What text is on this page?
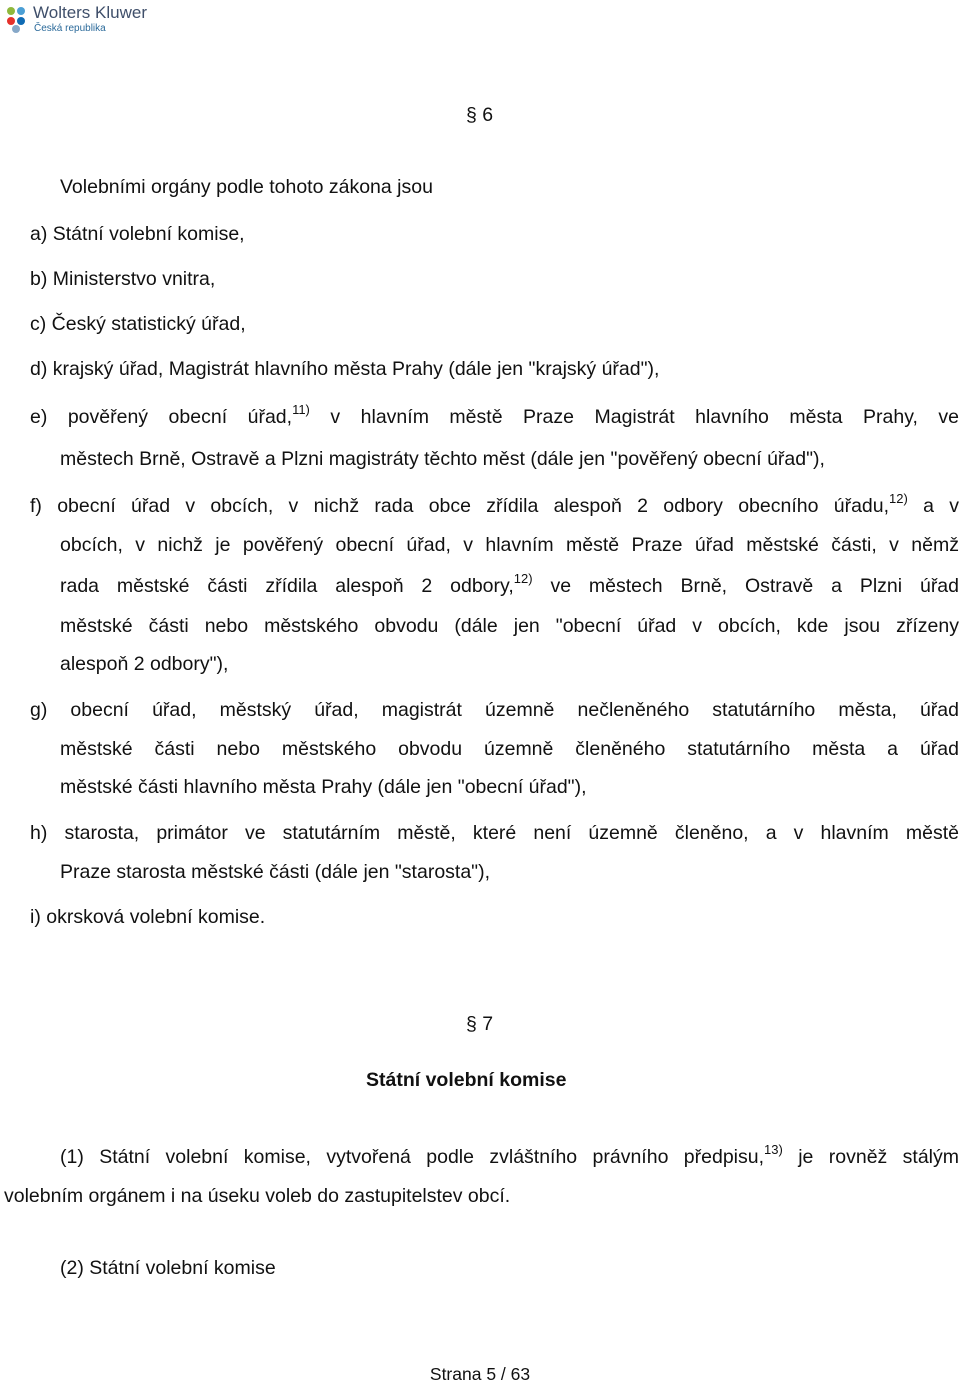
Wolters Kluwer
Česká republika
§ 6
Volebními orgány podle tohoto zákona jsou
a) Státní volební komise,
b) Ministerstvo vnitra,
c) Český statistický úřad,
d) krajský úřad, Magistrát hlavního města Prahy (dále jen "krajský úřad"),
e) pověřený obecní úřad,$^{11)}$ v hlavním městě Praze Magistrát hlavního města Prahy, ve
městech Brně, Ostravě a Plzni magistráty těchto měst (dále jen "pověřený obecní úřad"),
f) obecní úřad v obcích, v nichž rada obce zřídila alespoň 2 odbory obecního úřadu,$^{12)}$ a v
obcích, v nichž je pověřený obecní úřad, v hlavním městě Praze úřad městské části, v němž
rada městské části zřídila alespoň 2 odbory,$^{12)}$ ve městech Brně, Ostravě a Plzni úřad
městské části nebo městského obvodu (dále jen "obecní úřad v obcích, kde jsou zřízeny
alespoň 2 odbory"),
g) obecní úřad, městský úřad, magistrát územně nečleněného statutárního města, úřad
městské části nebo městského obvodu územně členěného statutárního města a úřad
městské části hlavního města Prahy (dále jen "obecní úřad"),
h) starosta, primátor ve statutárním městě, které není územně členěno, a v hlavním městě
Praze starosta městské části (dále jen "starosta"),
i) okrsková volební komise.
§ 7
Státní volební komise
(1) Státní volební komise, vytvořená podle zvláštního právního předpisu,$^{13)}$ je rovněž stálým
volebním orgánem i na úseku voleb do zastupitelstev obcí.
(2) Státní volební komise
Strana 5 / 63
